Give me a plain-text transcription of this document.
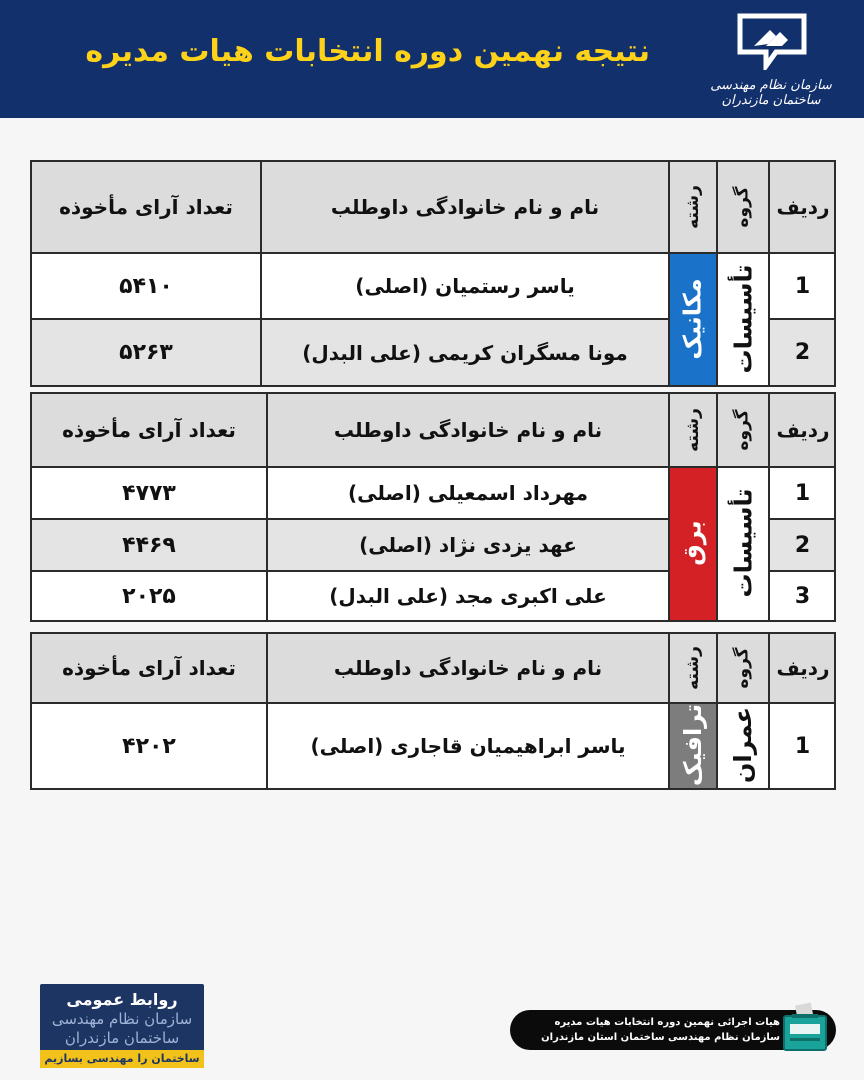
نتیجه نهمین دوره انتخابات هیات مدیره
سازمان نظام مهندسی ساختمان مازندران
مکانیک تأسیسات
ردیف
گروه
رشته
نام و نام خانوادگی داوطلب
تعداد آرای مأخوذه
1
یاسر رستمیان (اصلی)
۵۴۱۰
2
مونا مسگران کریمی (علی البدل)
۵۲۶۳
برق تأسیسات
ردیف
گروه
رشته
نام و نام خانوادگی داوطلب
تعداد آرای مأخوذه
1
مهرداد اسمعیلی (اصلی)
۴۷۷۳
2
عهد یزدی نژاد (اصلی)
۴۴۶۹
3
علی اکبری مجد (علی البدل)
۲۰۲۵
ترافیک عمران
ردیف
گروه
رشته
نام و نام خانوادگی داوطلب
تعداد آرای مأخوذه
1
یاسر ابراهیمیان قاجاری (اصلی)
۴۲۰۲
روابط عمومی
سازمان نظام مهندسی
ساختمان مازندران
ساختمان را مهندسی بسازیم
هیات اجرائی نهمین دوره انتخابات هیات مدیره
سازمان نظام مهندسی ساختمان استان مازندران
